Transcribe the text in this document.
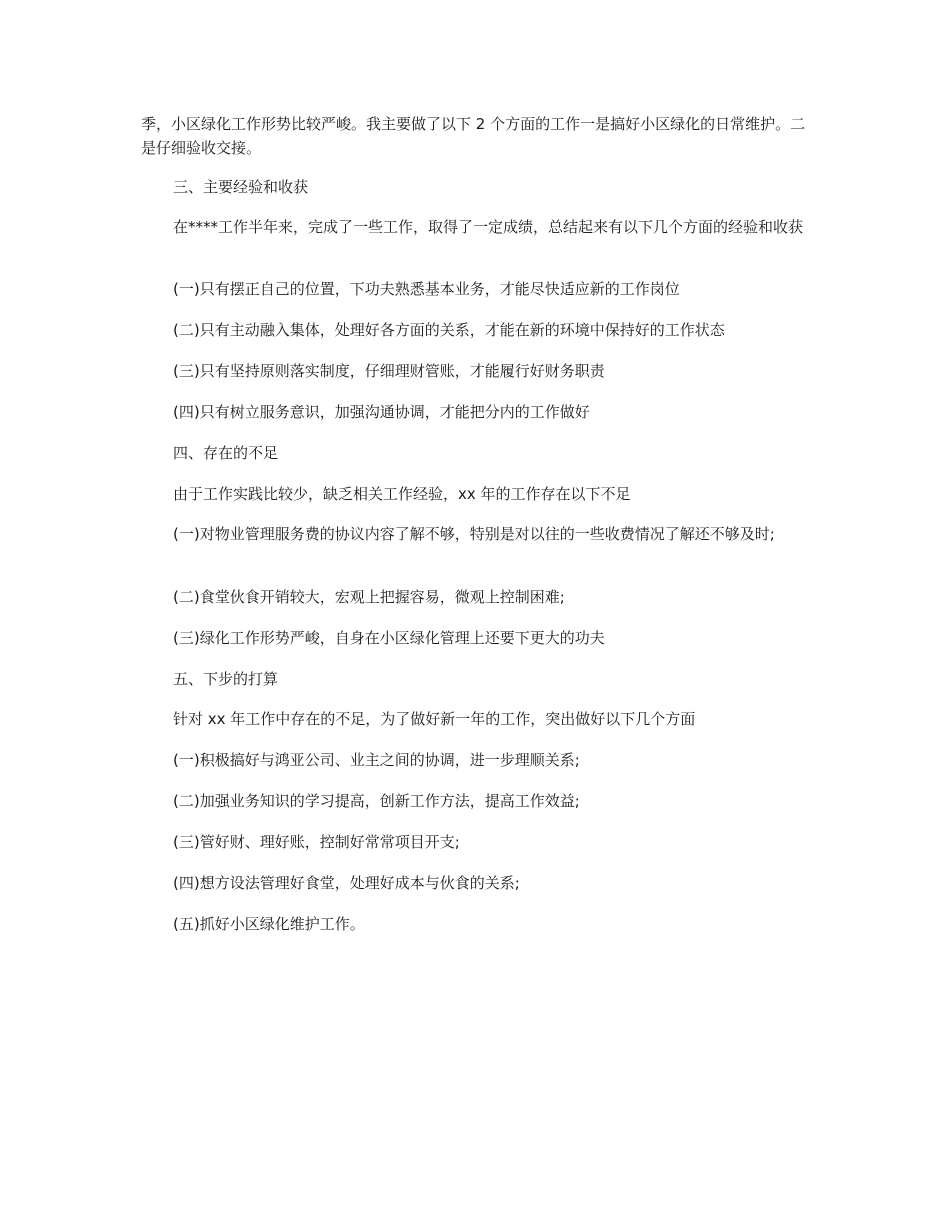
季，小区绿化工作形势比较严峻。我主要做了以下 2 个方面的工作一是搞好小区绿化的日常维护。二是仔细验收交接。

三、主要经验和收获

在****工作半年来，完成了一些工作，取得了一定成绩，总结起来有以下几个方面的经验和收获

(一)只有摆正自己的位置，下功夫熟悉基本业务，才能尽快适应新的工作岗位

(二)只有主动融入集体，处理好各方面的关系，才能在新的环境中保持好的工作状态

(三)只有坚持原则落实制度，仔细理财管账，才能履行好财务职责

(四)只有树立服务意识，加强沟通协调，才能把分内的工作做好

四、存在的不足

由于工作实践比较少，缺乏相关工作经验，xx 年的工作存在以下不足

(一)对物业管理服务费的协议内容了解不够，特别是对以往的一些收费情况了解还不够及时;

(二)食堂伙食开销较大，宏观上把握容易，微观上控制困难;

(三)绿化工作形势严峻，自身在小区绿化管理上还要下更大的功夫

五、下步的打算

针对 xx 年工作中存在的不足，为了做好新一年的工作，突出做好以下几个方面

(一)积极搞好与鸿亚公司、业主之间的协调，进一步理顺关系;

(二)加强业务知识的学习提高，创新工作方法，提高工作效益;

(三)管好财、理好账，控制好常常项目开支;

(四)想方设法管理好食堂，处理好成本与伙食的关系;

(五)抓好小区绿化维护工作。
